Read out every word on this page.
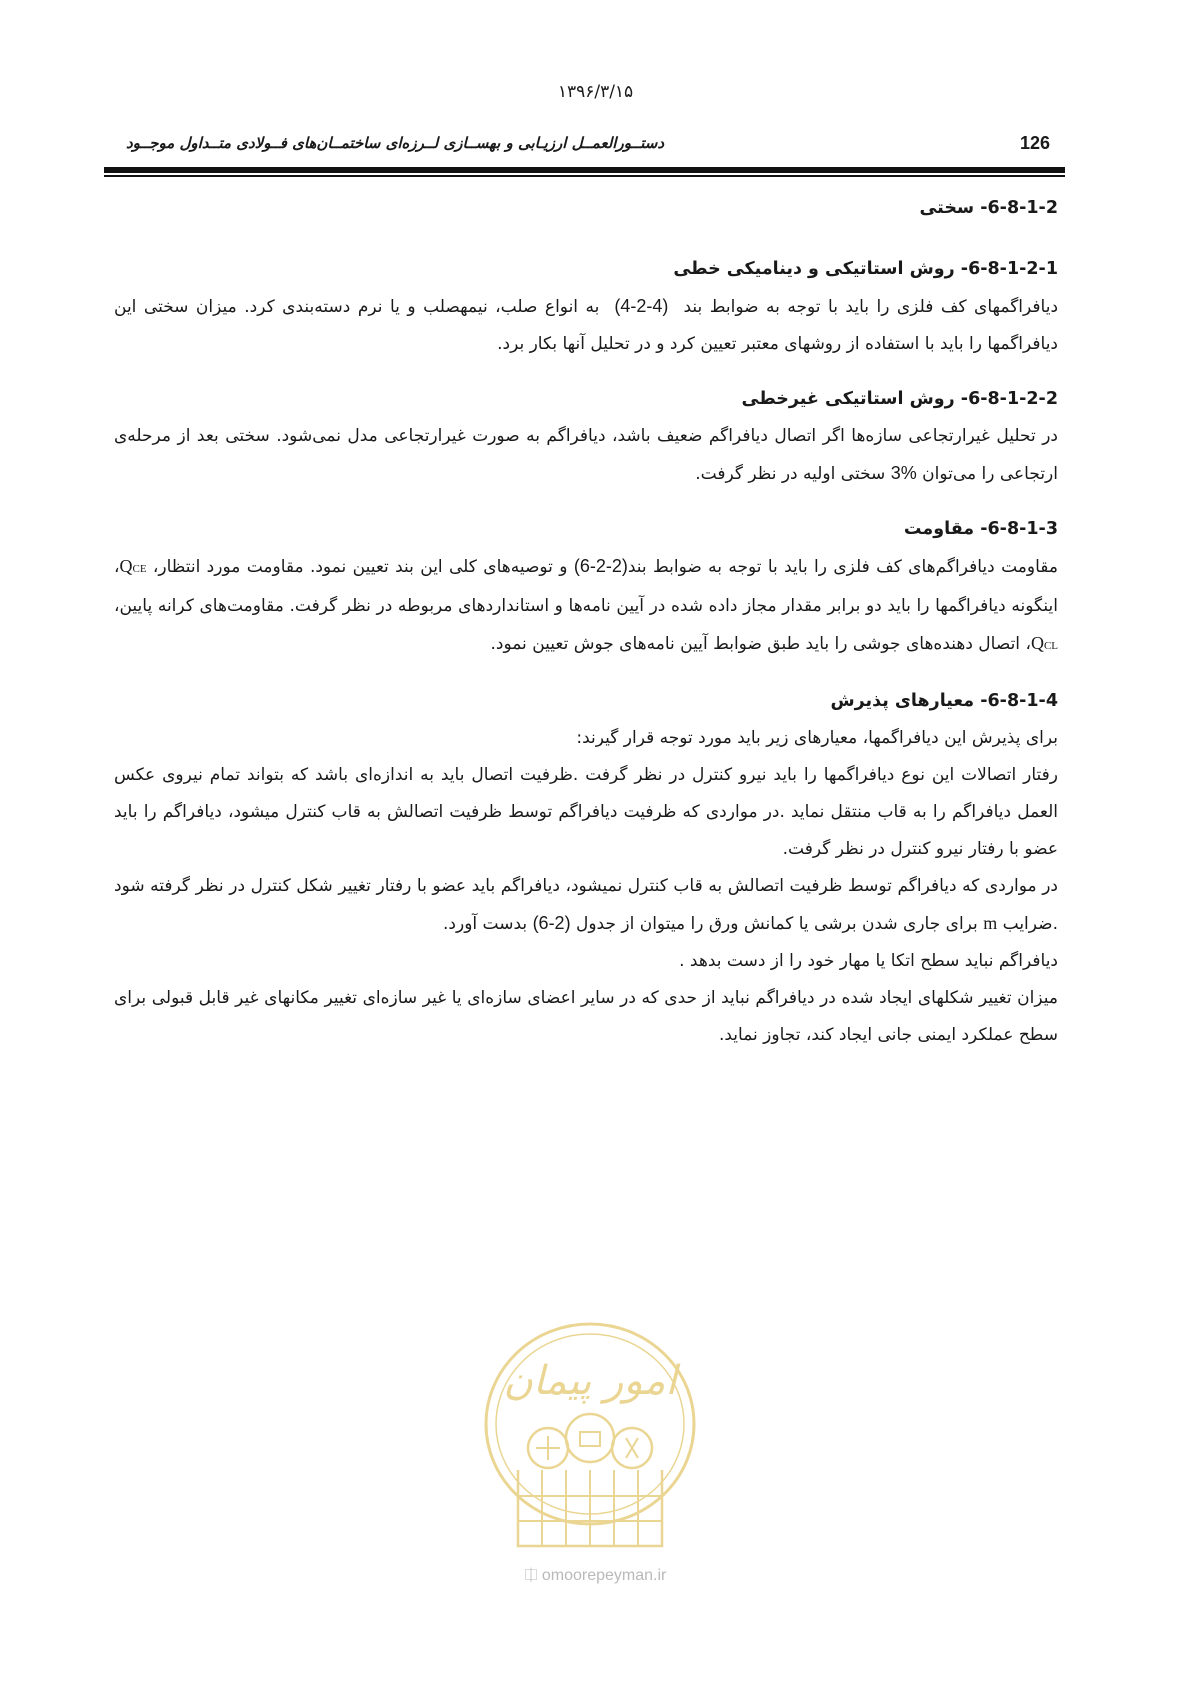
۱۳۹۶/۳/۱۵
126
دستــورالعمــل ارزیـابی و بهســازی لــرزه‌ای ساختمــان‌های فــولادی متــداول موجــود
6-8-1-2- سختی
6-8-1-2-1- روش استاتیکی و دینامیکی خطی

دیافراگمهای کف فلزی را باید با توجه به ضوابط بند  (4-2-4)  به انواع صلب، نیمهصلب و یا نرم دسته‌بندی کرد. میزان سختی این دیافراگمها را باید با استفاده از روشهای معتبر تعیین کرد و در تحلیل آنها بکار برد.

6-8-1-2-2- روش استاتیکی غیرخطی

در تحلیل غیرارتجاعی سازه‌ها اگر اتصال دیافراگم ضعیف باشد، دیافراگم به صورت غیرارتجاعی مدل نمی‌شود. سختی بعد از مرحله‌ی ارتجاعی را می‌توان 3% سختی اولیه در نظر گرفت.

6-8-1-3- مقاومت

مقاومت دیافراگم‌های کف فلزی را باید با توجه به ضوابط بند(6-2-2) و توصیه‌های کلی این بند تعیین نمود. مقاومت مورد انتظار، QCE، اینگونه دیافراگمها را باید دو برابر مقدار مجاز داده شده در آیین نامه‌ها و استانداردهای مربوطه در نظر گرفت. مقاومت‌های کرانه پایین، QCL، اتصال دهنده‌های جوشی را باید طبق ضوابط آیین نامه‌های جوش تعیین نمود.

6-8-1-4- معیارهای پذیرش

برای پذیرش این دیافراگمها، معیارهای زیر باید مورد توجه قرار گیرند:

رفتار اتصالات این نوع دیافراگمها را باید نیرو کنترل در نظر گرفت .ظرفیت اتصال باید به اندازه‌ای باشد که بتواند تمام نیروی عکس العمل دیافراگم را به قاب منتقل نماید .در مواردی که ظرفیت دیافراگم توسط ظرفیت اتصالش به قاب کنترل میشود، دیافراگم را باید عضو با رفتار نیرو کنترل در نظر گرفت.

در مواردی که دیافراگم توسط ظرفیت اتصالش به قاب کنترل نمیشود، دیافراگم باید عضو با رفتار تغییر شکل کنترل در نظر گرفته شود .ضرایب m برای جاری شدن برشی یا کمانش ورق را میتوان از جدول (6-2) بدست آورد.

دیافراگم نباید سطح اتکا یا مهار خود را از دست بدهد .

میزان تغییر شکلهای ایجاد شده در دیافراگم نباید از حدی که در سایر اعضای سازه‌ای یا غیر سازه‌ای تغییر مکانهای غیر قابل قبولی برای سطح عملکرد ایمنی جانی ایجاد کند، تجاوز نماید.

امور پیمان
⎅ omoorepeyman.ir
